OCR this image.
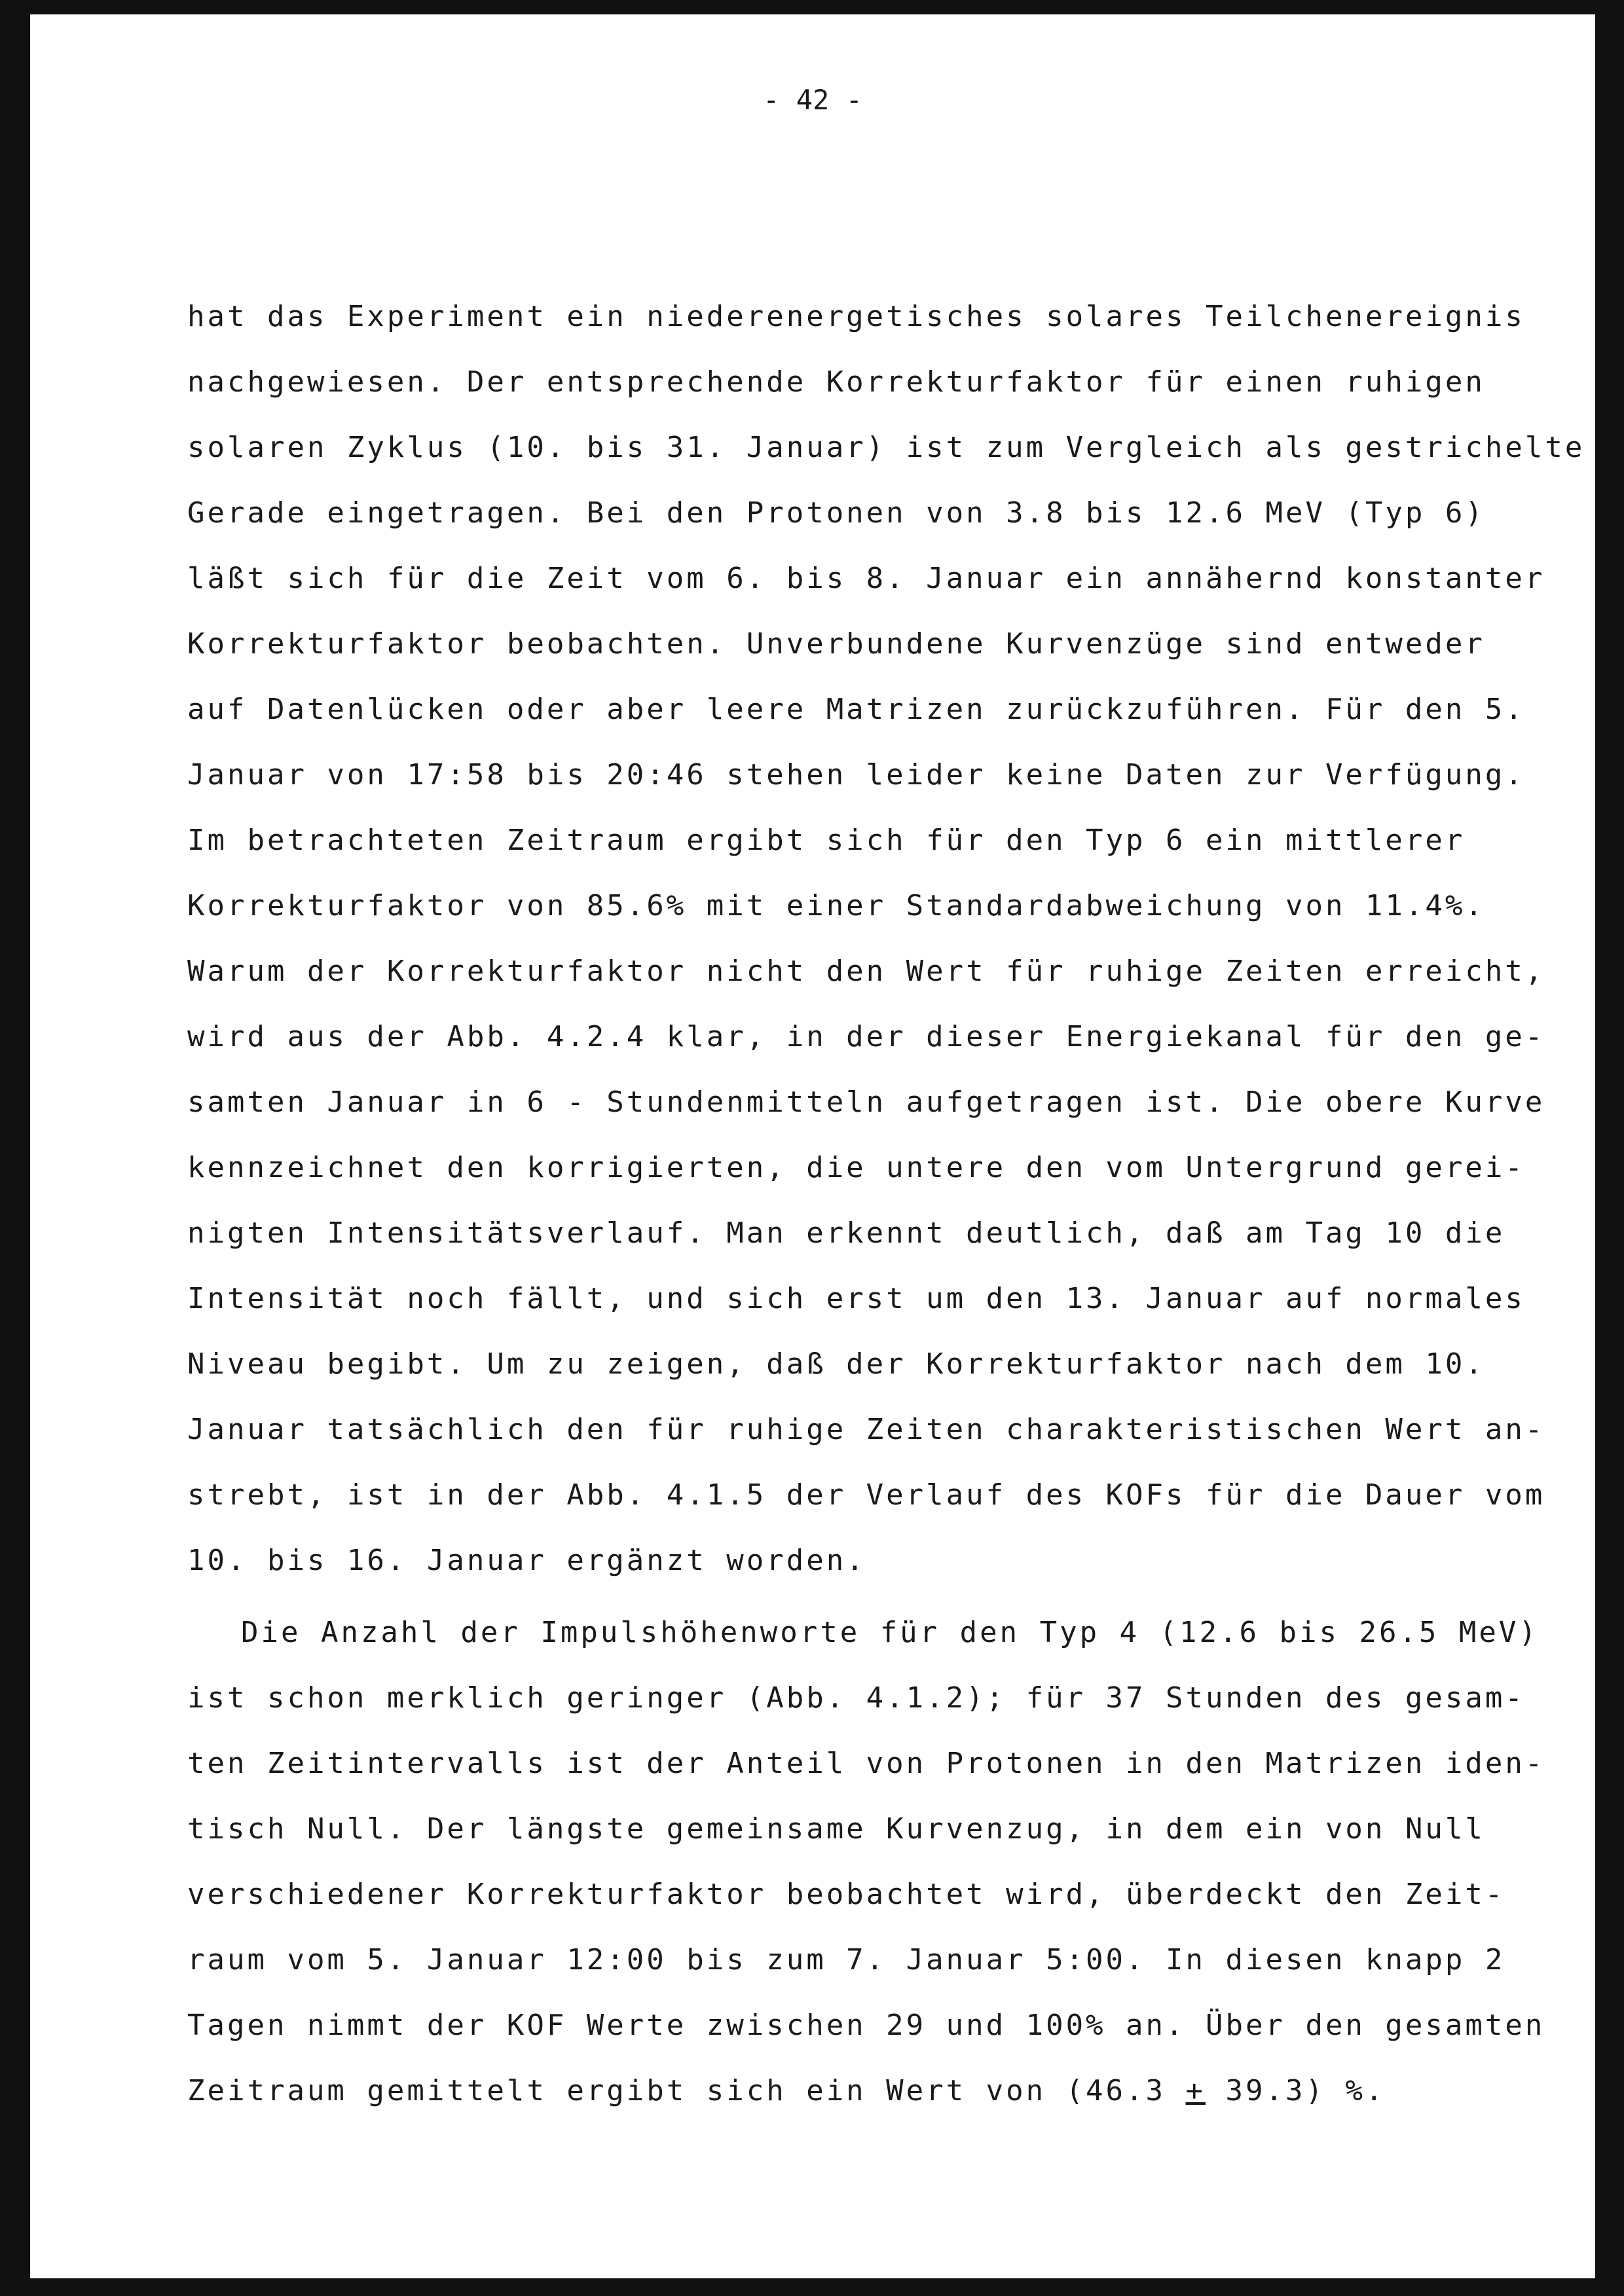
- 42 -

hat das Experiment ein niederenergetisches solares Teilchenereignis
nachgewiesen. Der entsprechende Korrekturfaktor für einen ruhigen
solaren Zyklus (10. bis 31. Januar) ist zum Vergleich als gestrichelte
Gerade eingetragen. Bei den Protonen von 3.8 bis 12.6 MeV (Typ 6)
läßt sich für die Zeit vom 6. bis 8. Januar ein annähernd konstanter
Korrekturfaktor beobachten. Unverbundene Kurvenzüge sind entweder
auf Datenlücken oder aber leere Matrizen zurückzuführen. Für den 5.
Januar von 17:58 bis 20:46 stehen leider keine Daten zur Verfügung.
Im betrachteten Zeitraum ergibt sich für den Typ 6 ein mittlerer
Korrekturfaktor von 85.6% mit einer Standardabweichung von 11.4%.
Warum der Korrekturfaktor nicht den Wert für ruhige Zeiten erreicht,
wird aus der Abb. 4.2.4 klar, in der dieser Energiekanal für den ge-
samten Januar in 6 - Stundenmitteln aufgetragen ist. Die obere Kurve
kennzeichnet den korrigierten, die untere den vom Untergrund gerei-
nigten Intensitätsverlauf. Man erkennt deutlich, daß am Tag 10 die
Intensität noch fällt, und sich erst um den 13. Januar auf normales
Niveau begibt. Um zu zeigen, daß der Korrekturfaktor nach dem 10.
Januar tatsächlich den für ruhige Zeiten charakteristischen Wert an-
strebt, ist in der Abb. 4.1.5 der Verlauf des KOFs für die Dauer vom
10. bis 16. Januar ergänzt worden.
Die Anzahl der Impulshöhenworte für den Typ 4 (12.6 bis 26.5 MeV)
ist schon merklich geringer (Abb. 4.1.2); für 37 Stunden des gesam-
ten Zeitintervalls ist der Anteil von Protonen in den Matrizen iden-
tisch Null. Der längste gemeinsame Kurvenzug, in dem ein von Null
verschiedener Korrekturfaktor beobachtet wird, überdeckt den Zeit-
raum vom 5. Januar 12:00 bis zum 7. Januar 5:00. In diesen knapp 2
Tagen nimmt der KOF Werte zwischen 29 und 100% an. Über den gesamten
Zeitraum gemittelt ergibt sich ein Wert von (46.3 + 39.3) %.
